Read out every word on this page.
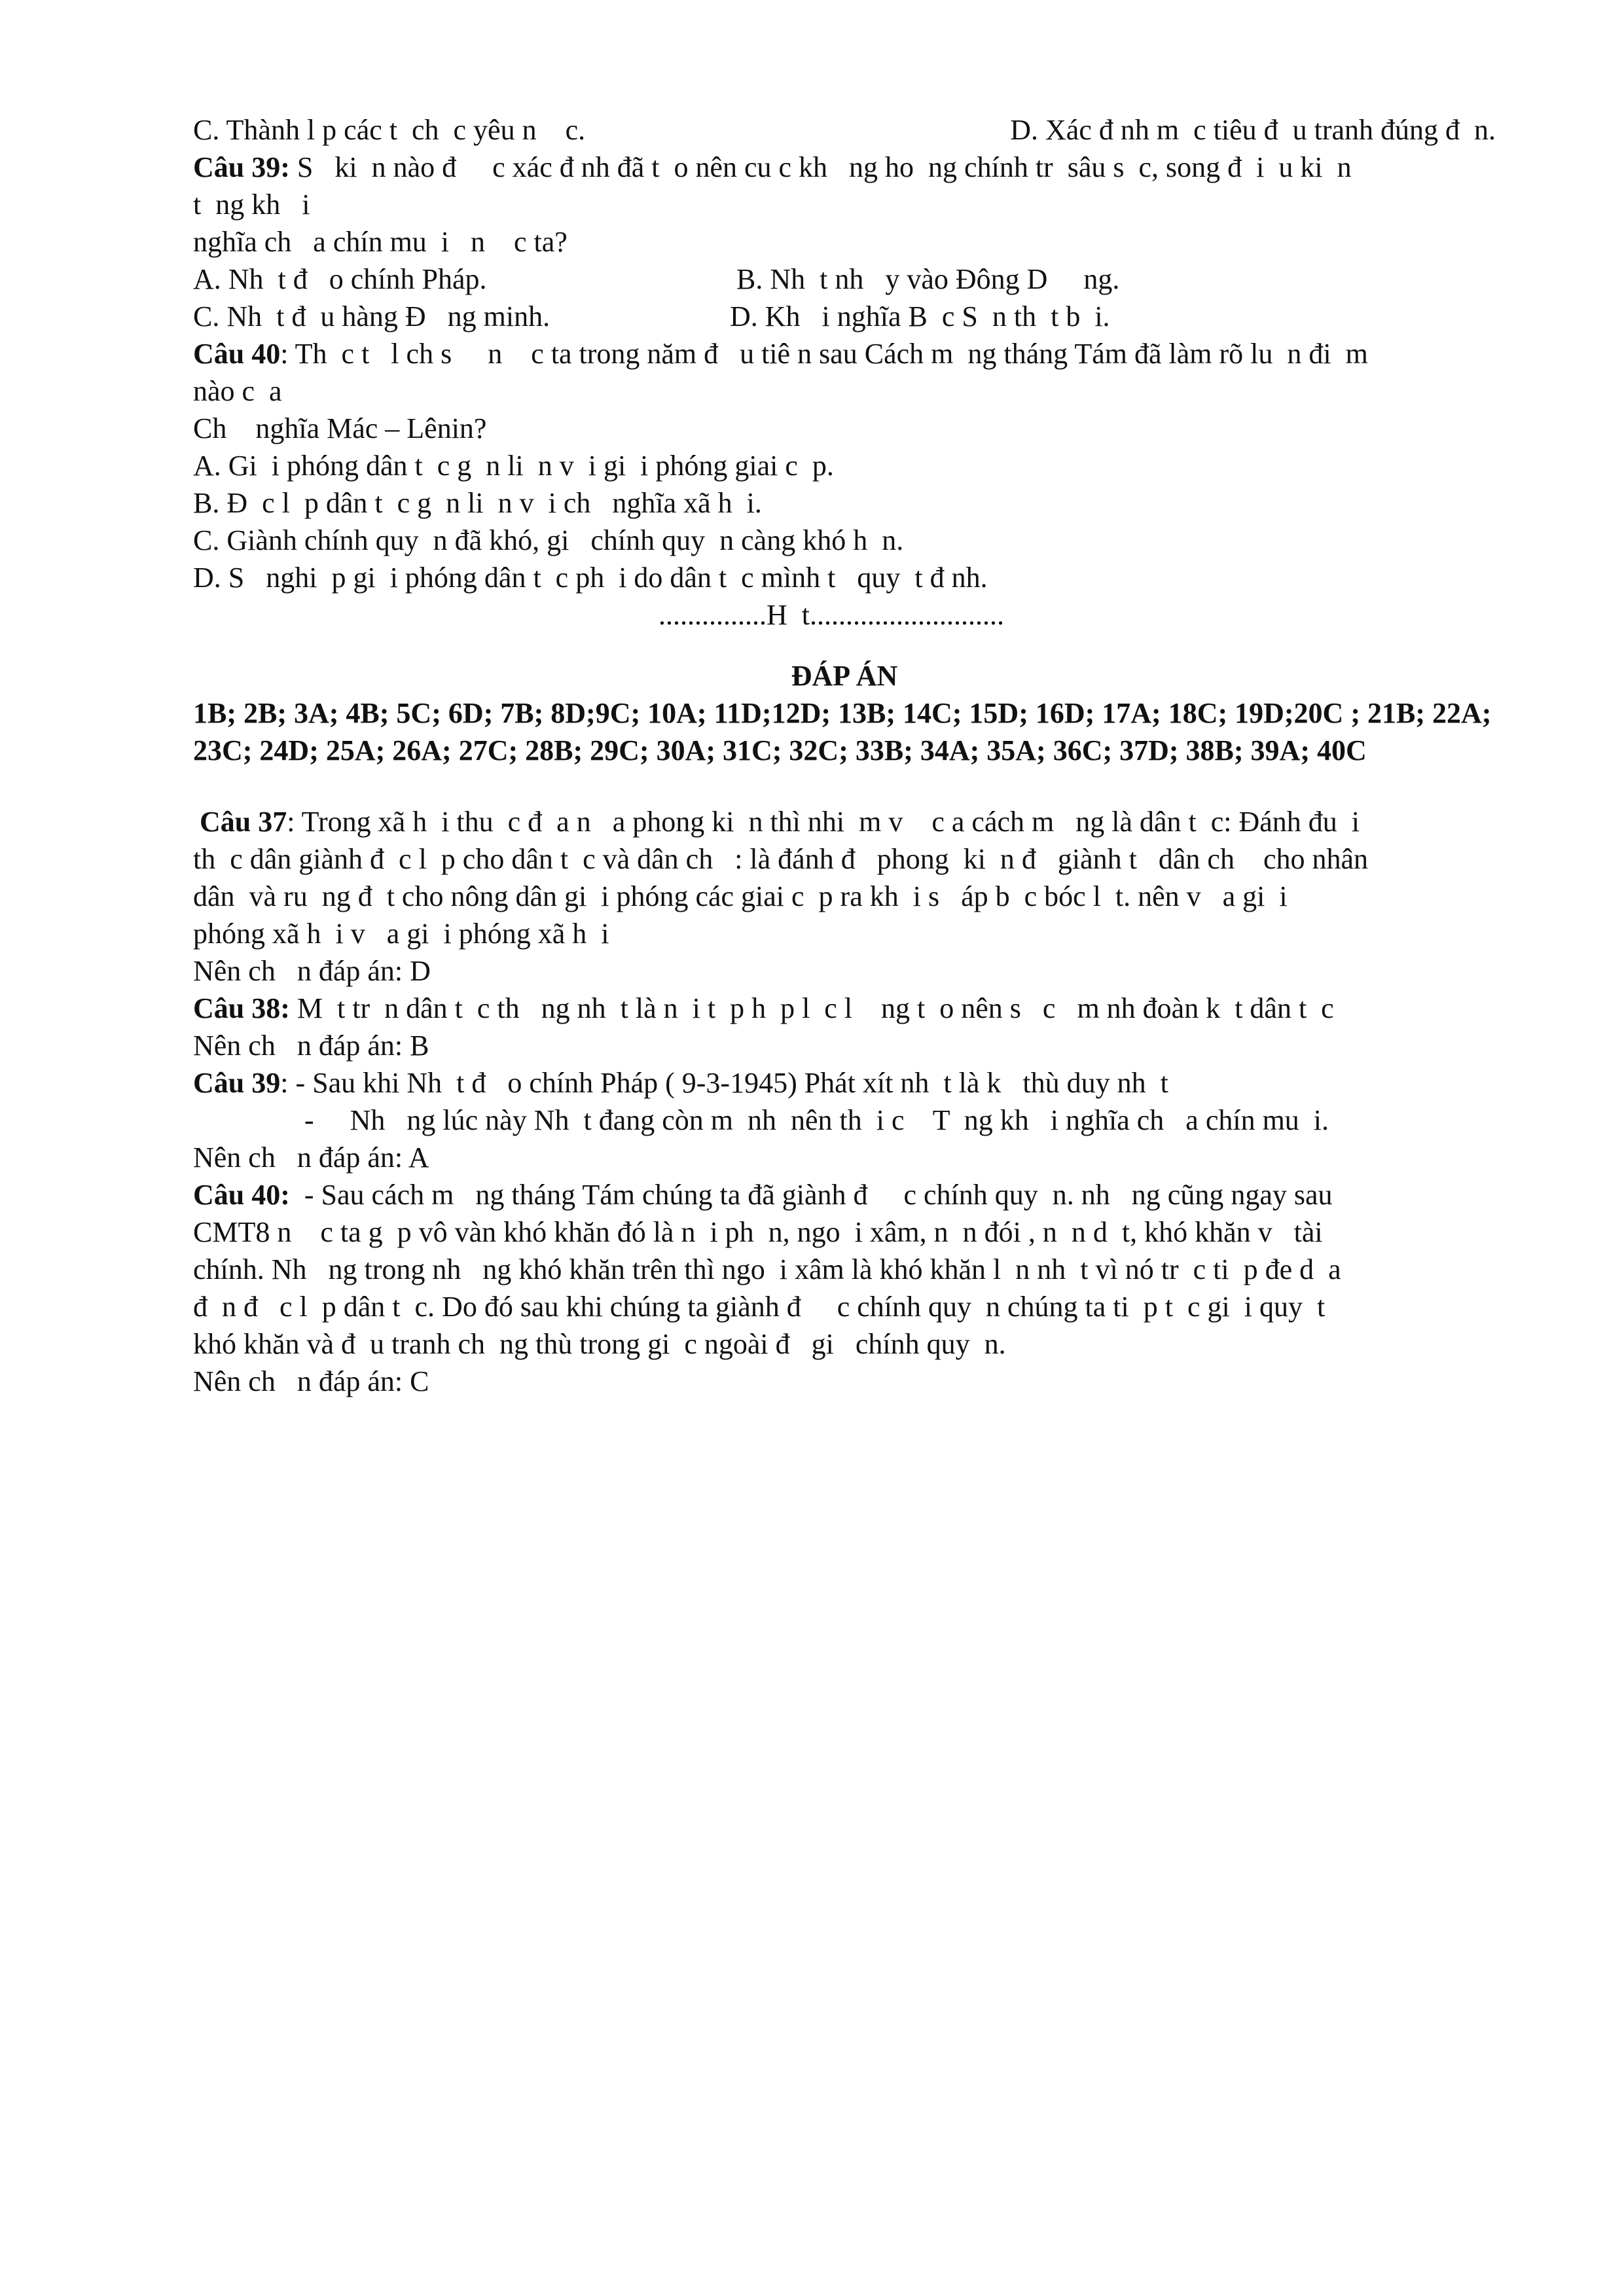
C. Thành l p các t  ch  c yêu n    c.	D. Xác đ nh m  c tiêu đ  u tranh đúng đ  n.
Câu 39: S   ki  n nào đ     c xác đ nh đã t  o nên cu c kh   ng ho  ng chính tr  sâu s  c, song đ  i  u ki  n
t  ng kh   i
nghĩa ch   a chín mu  i   n    c ta?
A. Nh  t đ   o chính Pháp.	B. Nh  t nh   y vào Đông D     ng.
C. Nh  t đ  u hàng Đ   ng minh.	D. Kh   i nghĩa B  c S  n th  t b  i.
Câu 40: Th  c t   l ch s     n    c ta trong năm đ   u tiê n sau Cách m  ng tháng Tám đã làm rõ lu  n đi  m
nào c  a
Ch    nghĩa Mác – Lênin?
A. Gi  i phóng dân t  c g  n li  n v  i gi  i phóng giai c  p.
B. Đ  c l  p dân t  c g  n li  n v  i ch   nghĩa xã h  i.
C. Giành chính quy  n đã khó, gi   chính quy  n càng khó h  n.
D. S   nghi  p gi  i phóng dân t  c ph  i do dân t  c mình t   quy  t đ nh.
...............H  t...........................
ĐÁP ÁN
1B; 2B; 3A; 4B; 5C; 6D; 7B; 8D;9C; 10A; 11D;12D; 13B; 14C; 15D; 16D; 17A; 18C; 19D;20C ; 21B; 22A; 23C; 24D; 25A; 26A; 27C; 28B; 29C; 30A; 31C; 32C; 33B; 34A; 35A; 36C; 37D; 38B; 39A; 40C
Câu 37: Trong xã h  i thu  c đ  a n   a phong ki  n thì nhi  m v    c a cách m   ng là dân t  c: Đánh đu  i
th  c dân giành đ  c l  p cho dân t  c và dân ch   : là đánh đ   phong  ki  n đ   giành t   dân ch    cho nhân
dân  và ru  ng đ  t cho nông dân gi  i phóng các giai c  p ra kh  i s   áp b  c bóc l  t. nên v   a gi  i
phóng xã h  i v   a gi  i phóng xã h  i
Nên ch   n đáp án: D
Câu 38: M  t tr  n dân t  c th   ng nh  t là n  i t  p h  p l  c l    ng t  o nên s   c   m nh đoàn k  t dân t  c
Nên ch   n đáp án: B
Câu 39: - Sau khi Nh  t đ   o chính Pháp ( 9-3-1945) Phát xít nh  t là k   thù duy nh  t
-     Nh   ng lúc này Nh  t đang còn m  nh  nên th  i c    T  ng kh   i nghĩa ch   a chín mu  i.
Nên ch   n đáp án: A
Câu 40:  - Sau cách m   ng tháng Tám chúng ta đã giành đ     c chính quy  n. nh   ng cũng ngay sau
CMT8 n    c ta g  p vô vàn khó khăn đó là n  i ph  n, ngo  i xâm, n  n đói , n  n d  t, khó khăn v   tài
chính. Nh   ng trong nh   ng khó khăn trên thì ngo  i xâm là khó khăn l  n nh  t vì nó tr  c ti  p đe d  a
đ  n đ   c l  p dân t  c. Do đó sau khi chúng ta giành đ     c chính quy  n chúng ta ti  p t  c gi  i quy  t
khó khăn và đ  u tranh ch  ng thù trong gi  c ngoài đ   gi   chính quy  n.
Nên ch   n đáp án: C
